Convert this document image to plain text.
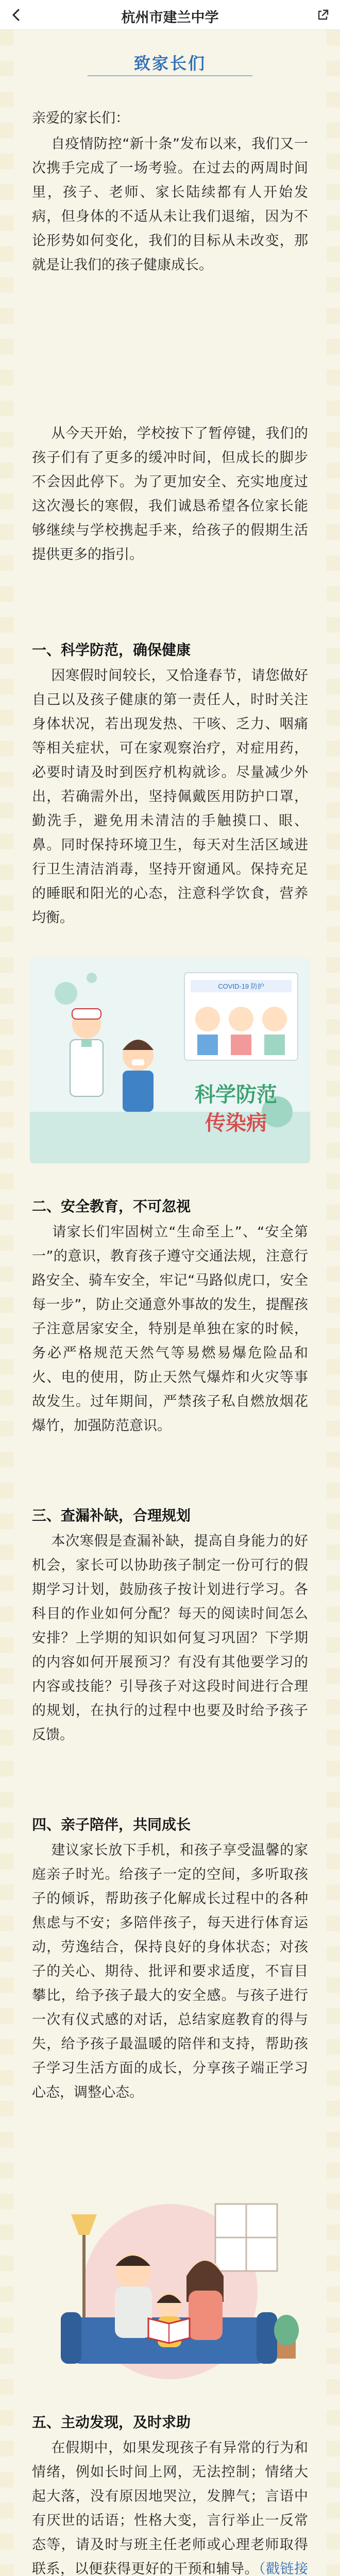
杭州市建兰中学
致家长们
亲爱的家长们：
自疫情防控“新十条”发布以来，我们又一次携手完成了一场考验。在过去的两周时间里，孩子、老师、家长陆续都有人开始发病，但身体的不适从未让我们退缩，因为不论形势如何变化，我们的目标从未改变，那就是让我们的孩子健康成长。
从今天开始，学校按下了暂停键，我们的孩子们有了更多的缓冲时间，但成长的脚步不会因此停下。为了更加安全、充实地度过这次漫长的寒假，我们诚恳希望各位家长能够继续与学校携起手来，给孩子的假期生活提供更多的指引。
一、科学防范，确保健康
因寒假时间较长，又恰逢春节，请您做好自己以及孩子健康的第一责任人，时时关注身体状况，若出现发热、干咳、乏力、咽痛等相关症状，可在家观察治疗，对症用药，必要时请及时到医疗机构就诊。尽量减少外出，若确需外出，坚持佩戴医用防护口罩，勤洗手，避免用未清洁的手触摸口、眼、鼻。同时保持环境卫生，每天对生活区域进行卫生清洁消毒，坚持开窗通风。保持充足的睡眠和阳光的心态，注意科学饮食，营养均衡。
COVID-19 防护
科学防范
传染病
二、安全教育，不可忽视
请家长们牢固树立“生命至上”、“安全第一”的意识，教育孩子遵守交通法规，注意行路安全、骑车安全，牢记“马路似虎口，安全每一步”，防止交通意外事故的发生，提醒孩子注意居家安全，特别是单独在家的时候，务必严格规范天然气等易燃易爆危险品和火、电的使用，防止天然气爆炸和火灾等事故发生。过年期间，严禁孩子私自燃放烟花爆竹，加强防范意识。
三、查漏补缺，合理规划
本次寒假是查漏补缺，提高自身能力的好机会，家长可以协助孩子制定一份可行的假期学习计划，鼓励孩子按计划进行学习。各科目的作业如何分配？每天的阅读时间怎么安排？上学期的知识如何复习巩固？下学期的内容如何开展预习？有没有其他要学习的内容或技能？引导孩子对这段时间进行合理的规划，在执行的过程中也要及时给予孩子反馈。
四、亲子陪伴，共同成长
建议家长放下手机，和孩子享受温馨的家庭亲子时光。给孩子一定的空间，多听取孩子的倾诉，帮助孩子化解成长过程中的各种焦虑与不安；多陪伴孩子，每天进行体育运动，劳逸结合，保持良好的身体状态；对孩子的关心、期待、批评和要求适度，不盲目攀比，给予孩子最大的安全感。与孩子进行一次有仪式感的对话，总结家庭教育的得与失，给予孩子最温暖的陪伴和支持，帮助孩子学习生活方面的成长，分享孩子端正学习心态，调整心态。
五、主动发现，及时求助
在假期中，如果发现孩子有异常的行为和情绪，例如长时间上网，无法控制；情绪大起大落，没有原因地哭泣，发脾气；言语中有厌世的话语；性格大变，言行举止一反常态等，请及时与班主任老师或心理老师取得联系，以便获得更好的干预和辅导。（戳链接
